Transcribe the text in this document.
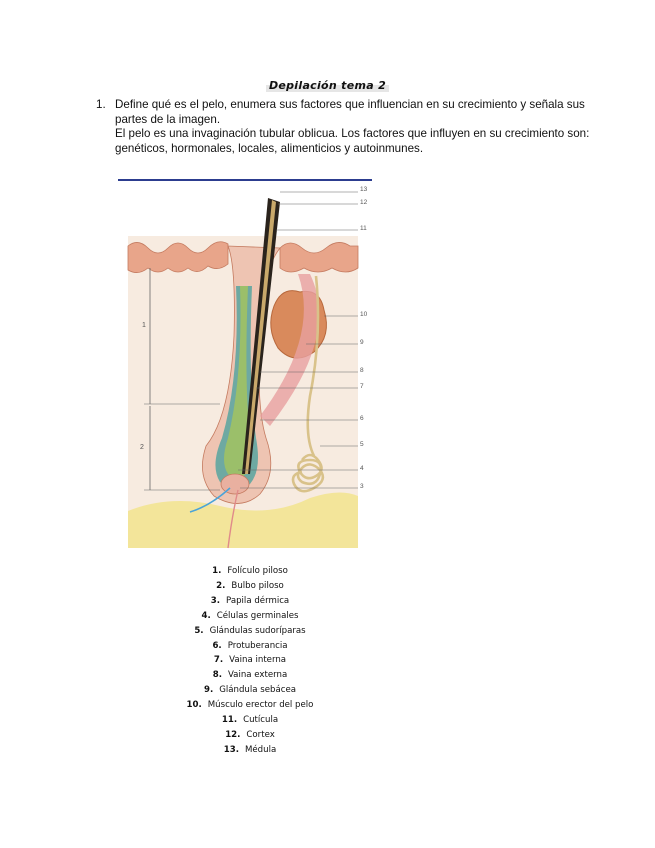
Depilación tema 2
1. Define qué es el pelo, enumera sus factores que influencian en su crecimiento y señala sus partes de la imagen.
El pelo es una invaginación tubular oblicua. Los factores que influyen en su crecimiento son: genéticos, hormonales, locales, alimenticios y autoinmunes.
13
12
11
10
9
8
7
6
5
4
3
1
2
1. Folículo piloso
2. Bulbo piloso
3. Papila dérmica
4. Células germinales
5. Glándulas sudoríparas
6. Protuberancia
7. Vaina interna
8. Vaina externa
9. Glándula sebácea
10. Músculo erector del pelo
11. Cutícula
12. Cortex
13. Médula
